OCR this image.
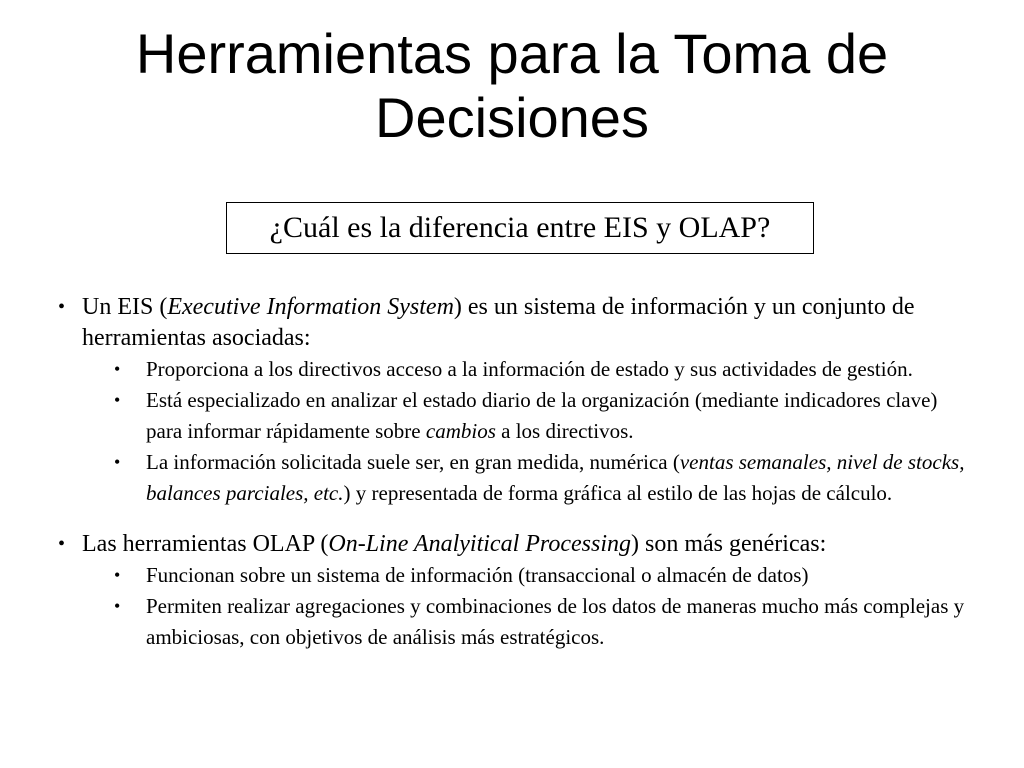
Herramientas para la Toma de Decisiones
¿Cuál es la diferencia entre EIS y OLAP?
• Un EIS (Executive Information System) es un sistema de información y un conjunto de herramientas asociadas:
• Proporciona a los directivos acceso a la información de estado y sus actividades de gestión.
• Está especializado en analizar el estado diario de la organización (mediante indicadores clave) para informar rápidamente sobre cambios a los directivos.
• La información solicitada suele ser, en gran medida, numérica (ventas semanales, nivel de stocks, balances parciales, etc.) y representada de forma gráfica al estilo de las hojas de cálculo.
• Las herramientas OLAP (On-Line Analyitical Processing) son más genéricas:
• Funcionan sobre un sistema de información (transaccional o almacén de datos)
• Permiten realizar agregaciones y combinaciones de los datos de maneras mucho más complejas y ambiciosas, con objetivos de análisis más estratégicos.
